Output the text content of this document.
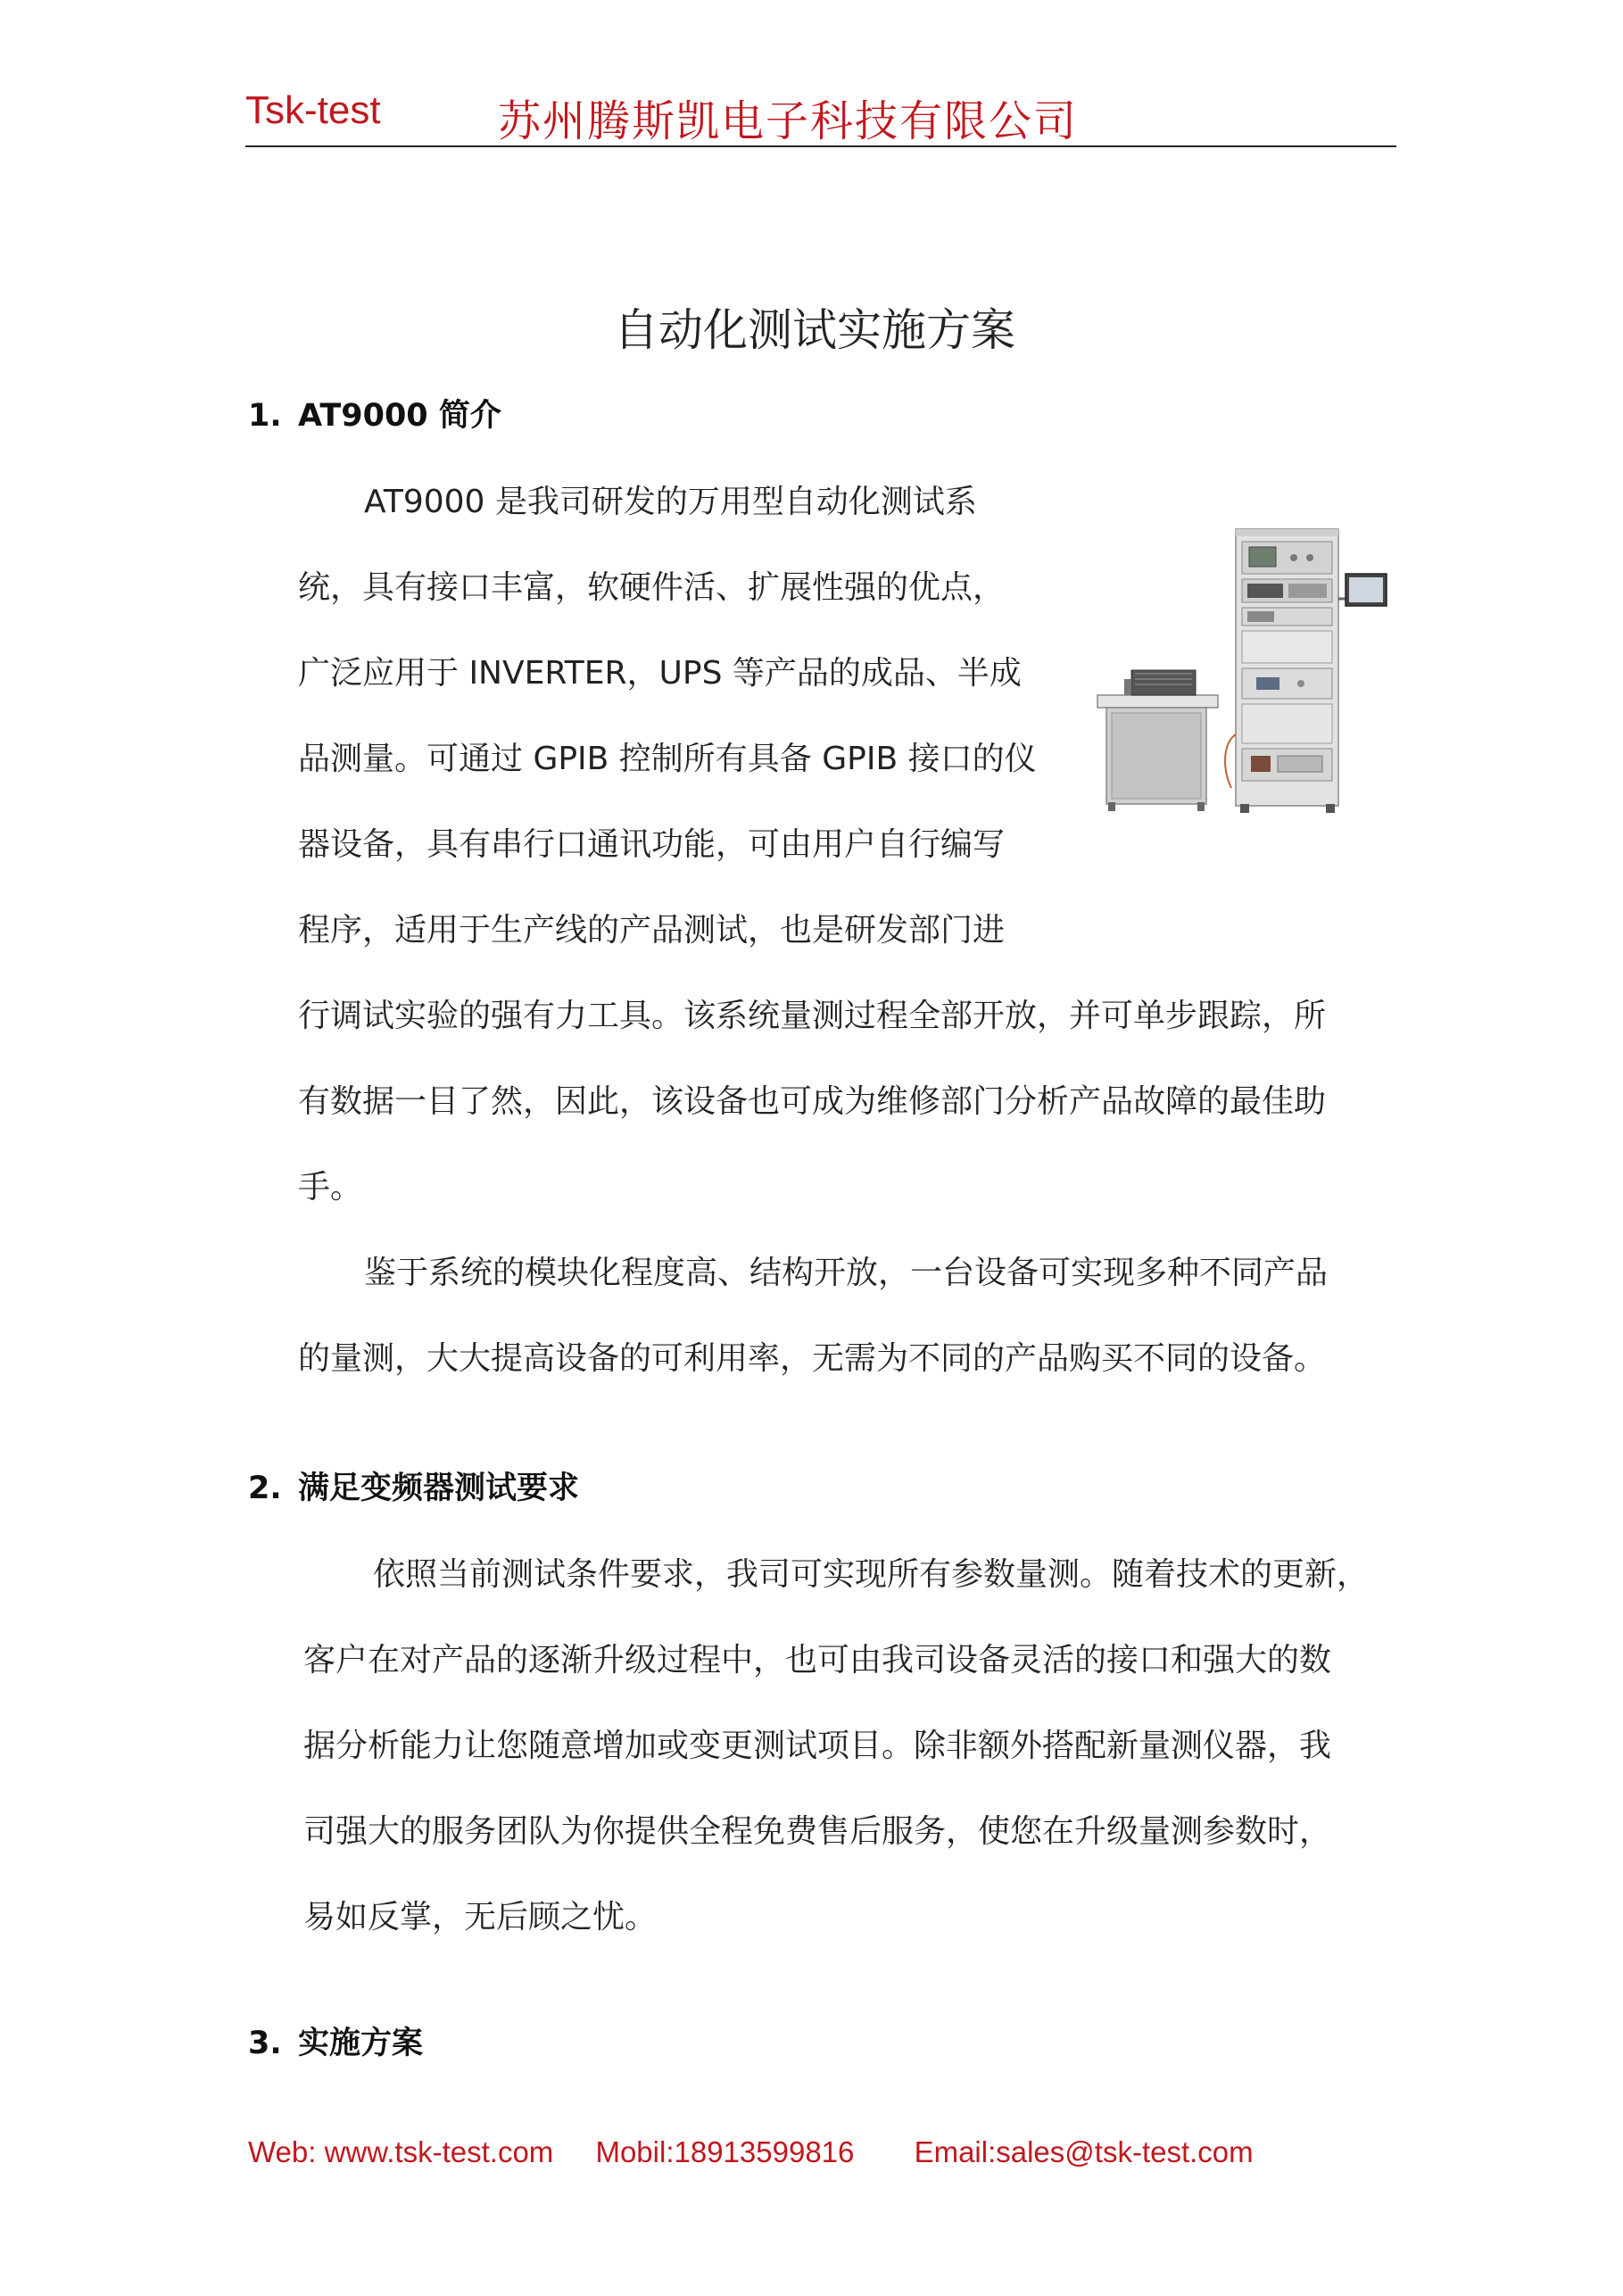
Tsk-test	苏州腾斯凯电子科技有限公司
自动化测试实施方案
1. AT9000 简介
AT9000 是我司研发的万用型自动化测试系
统，具有接口丰富，软硬件活、扩展性强的优点，
广泛应用于 INVERTER，UPS 等产品的成品、半成
品测量。可通过 GPIB 控制所有具备 GPIB 接口的仪
器设备，具有串行口通讯功能，可由用户自行编写
程序，适用于生产线的产品测试，也是研发部门进
行调试实验的强有力工具。该系统量测过程全部开放，并可单步跟踪，所
有数据一目了然，因此，该设备也可成为维修部门分析产品故障的最佳助
手。
鉴于系统的模块化程度高、结构开放，一台设备可实现多种不同产品
的量测，大大提高设备的可利用率，无需为不同的产品购买不同的设备。
2. 满足变频器测试要求
依照当前测试条件要求，我司可实现所有参数量测。随着技术的更新，
客户在对产品的逐渐升级过程中，也可由我司设备灵活的接口和强大的数
据分析能力让您随意增加或变更测试项目。除非额外搭配新量测仪器，我
司强大的服务团队为你提供全程免费售后服务，使您在升级量测参数时，
易如反掌，无后顾之忧。
3. 实施方案
Web: www.tsk-test.com Mobil:18913599816 Email:sales@tsk-test.com
